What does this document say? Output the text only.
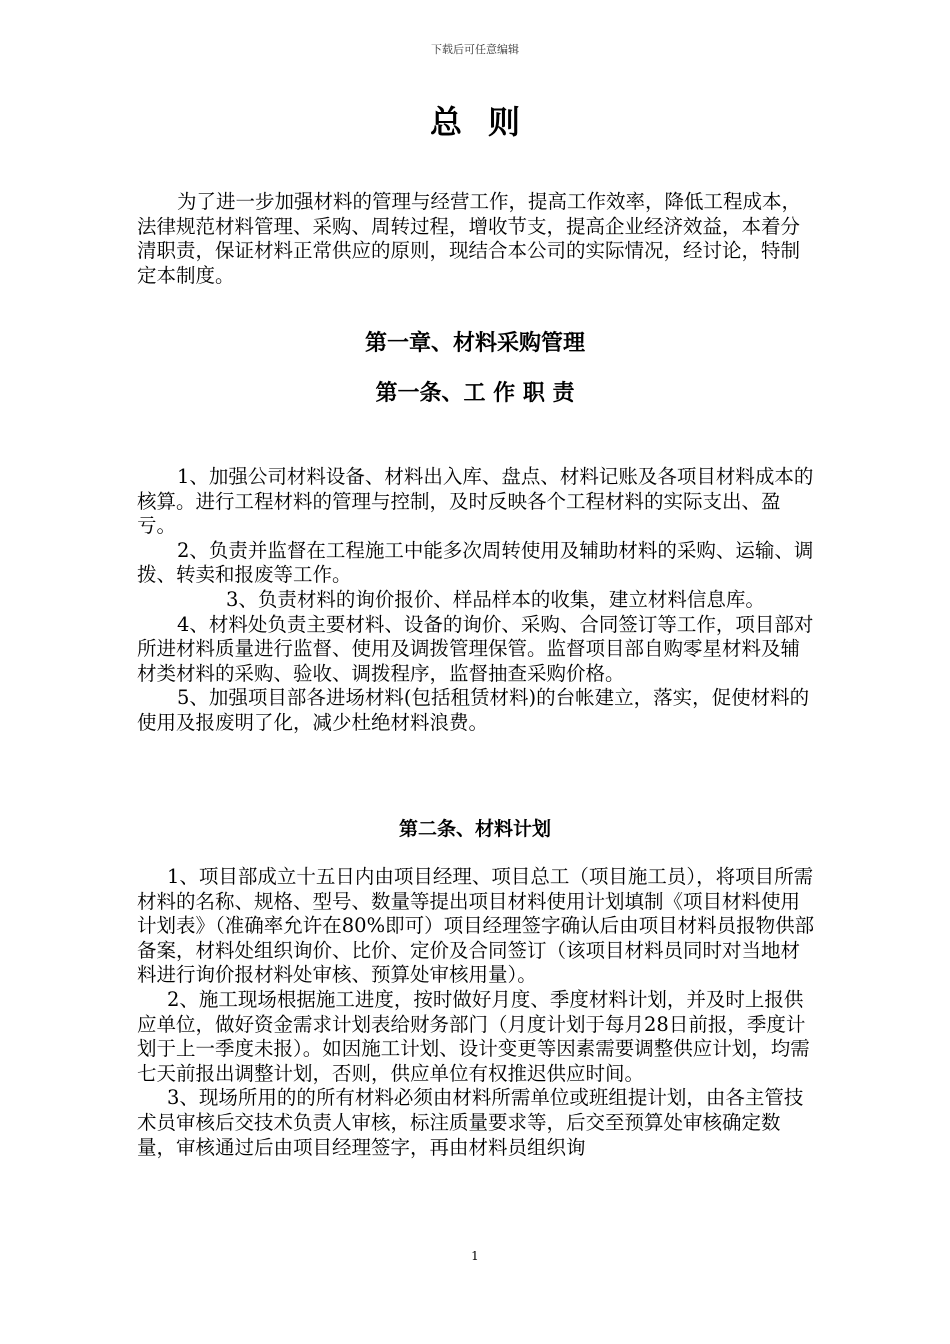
下载后可任意编辑
总则

为了进一步加强材料的管理与经营工作，提高工作效率，降低工程成本，法律规范材料管理、采购、周转过程，增收节支，提高企业经济效益，本着分清职责，保证材料正常供应的原则，现结合本公司的实际情况，经讨论，特制定本制度。

第一章、材料采购管理
第一条、工 作 职 责

1、加强公司材料设备、材料出入库、盘点、材料记账及各项目材料成本的核算。进行工程材料的管理与控制，及时反映各个工程材料的实际支出、盈亏。

2、负责并监督在工程施工中能多次周转使用及辅助材料的采购、运输、调拨、转卖和报废等工作。

3、负责材料的询价报价、样品样本的收集，建立材料信息库。

4、材料处负责主要材料、设备的询价、采购、合同签订等工作，项目部对所进材料质量进行监督、使用及调拨管理保管。监督项目部自购零星材料及辅材类材料的采购、验收、调拨程序，监督抽查采购价格。

5、加强项目部各进场材料(包括租赁材料)的台帐建立，落实，促使材料的使用及报废明了化，减少杜绝材料浪费。

第二条、材料计划

1、项目部成立十五日内由项目经理、项目总工（项目施工员），将项目所需材料的名称、规格、型号、数量等提出项目材料使用计划填制《项目材料使用计划表》（准确率允许在80%即可）项目经理签字确认后由项目材料员报物供部备案，材料处组织询价、比价、定价及合同签订（该项目材料员同时对当地材料进行询价报材料处审核、预算处审核用量）。

2、施工现场根据施工进度，按时做好月度、季度材料计划，并及时上报供应单位，做好资金需求计划表给财务部门（月度计划于每月28日前报，季度计划于上一季度未报）。如因施工计划、设计变更等因素需要调整供应计划，均需七天前报出调整计划，否则，供应单位有权推迟供应时间。

3、现场所用的的所有材料必须由材料所需单位或班组提计划，由各主管技术员审核后交技术负责人审核，标注质量要求等，后交至预算处审核确定数量，审核通过后由项目经理签字，再由材料员组织询

1
